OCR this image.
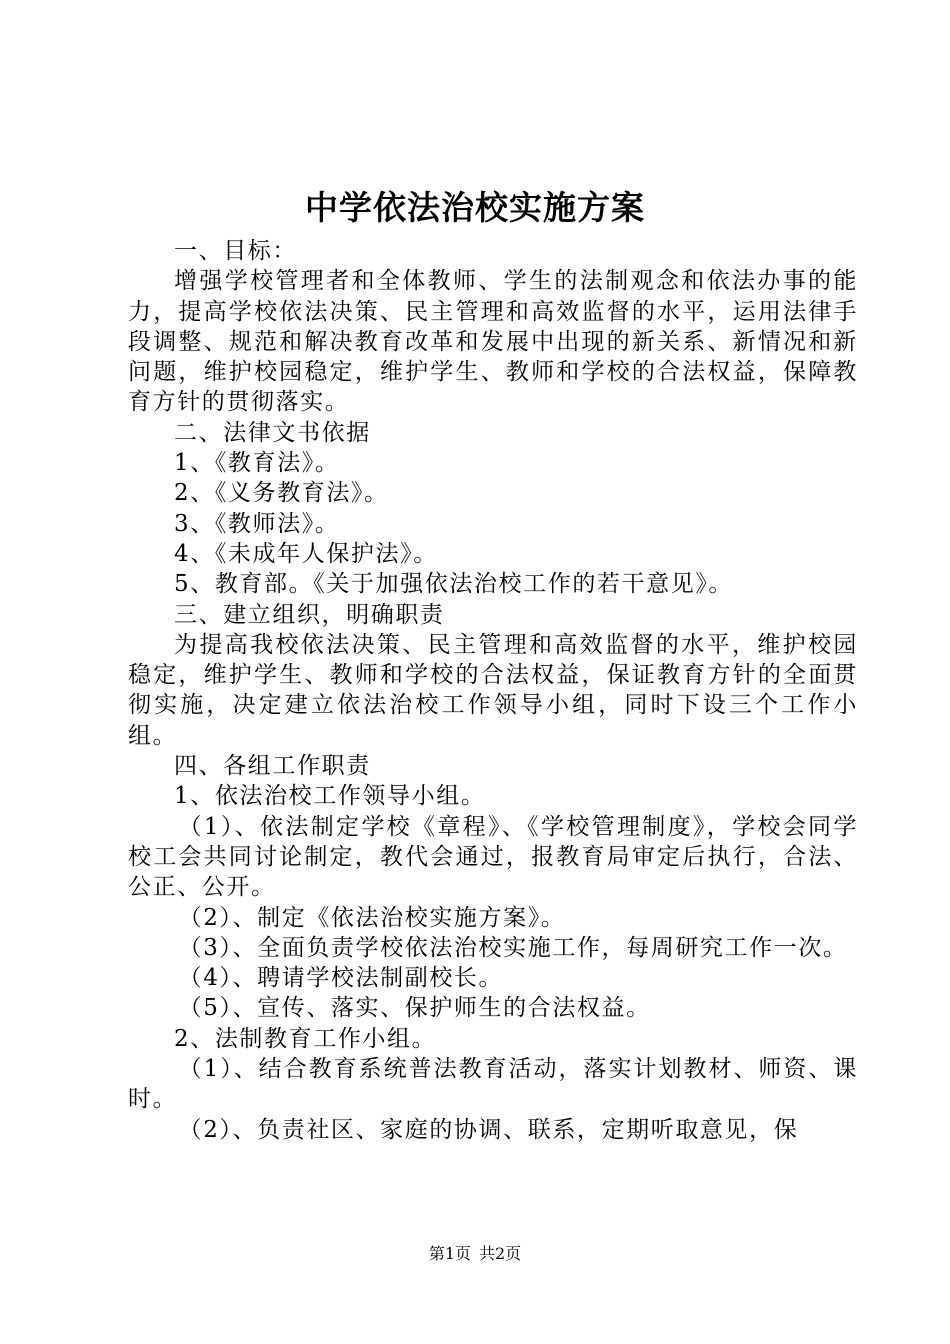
中学依法治校实施方案

一、目标：

增强学校管理者和全体教师、学生的法制观念和依法办事的能力，提高学校依法决策、民主管理和高效监督的水平，运用法律手段调整、规范和解决教育改革和发展中出现的新关系、新情况和新问题，维护校园稳定，维护学生、教师和学校的合法权益，保障教育方针的贯彻落实。

二、法律文书依据

1、《教育法》。

2、《义务教育法》。

3、《教师法》。

4、《未成年人保护法》。

5、教育部。《关于加强依法治校工作的若干意见》。

三、建立组织，明确职责

为提高我校依法决策、民主管理和高效监督的水平，维护校园稳定，维护学生、教师和学校的合法权益，保证教育方针的全面贯彻实施，决定建立依法治校工作领导小组，同时下设三个工作小组。

四、各组工作职责

1、依法治校工作领导小组。

（1）、依法制定学校《章程》、《学校管理制度》，学校会同学校工会共同讨论制定，教代会通过，报教育局审定后执行，合法、公正、公开。

（2）、制定《依法治校实施方案》。

（3）、全面负责学校依法治校实施工作，每周研究工作一次。

（4）、聘请学校法制副校长。

（5）、宣传、落实、保护师生的合法权益。

2、法制教育工作小组。

（1）、结合教育系统普法教育活动，落实计划教材、师资、课时。

（2）、负责社区、家庭的协调、联系，定期听取意见，保

第1页 共2页
